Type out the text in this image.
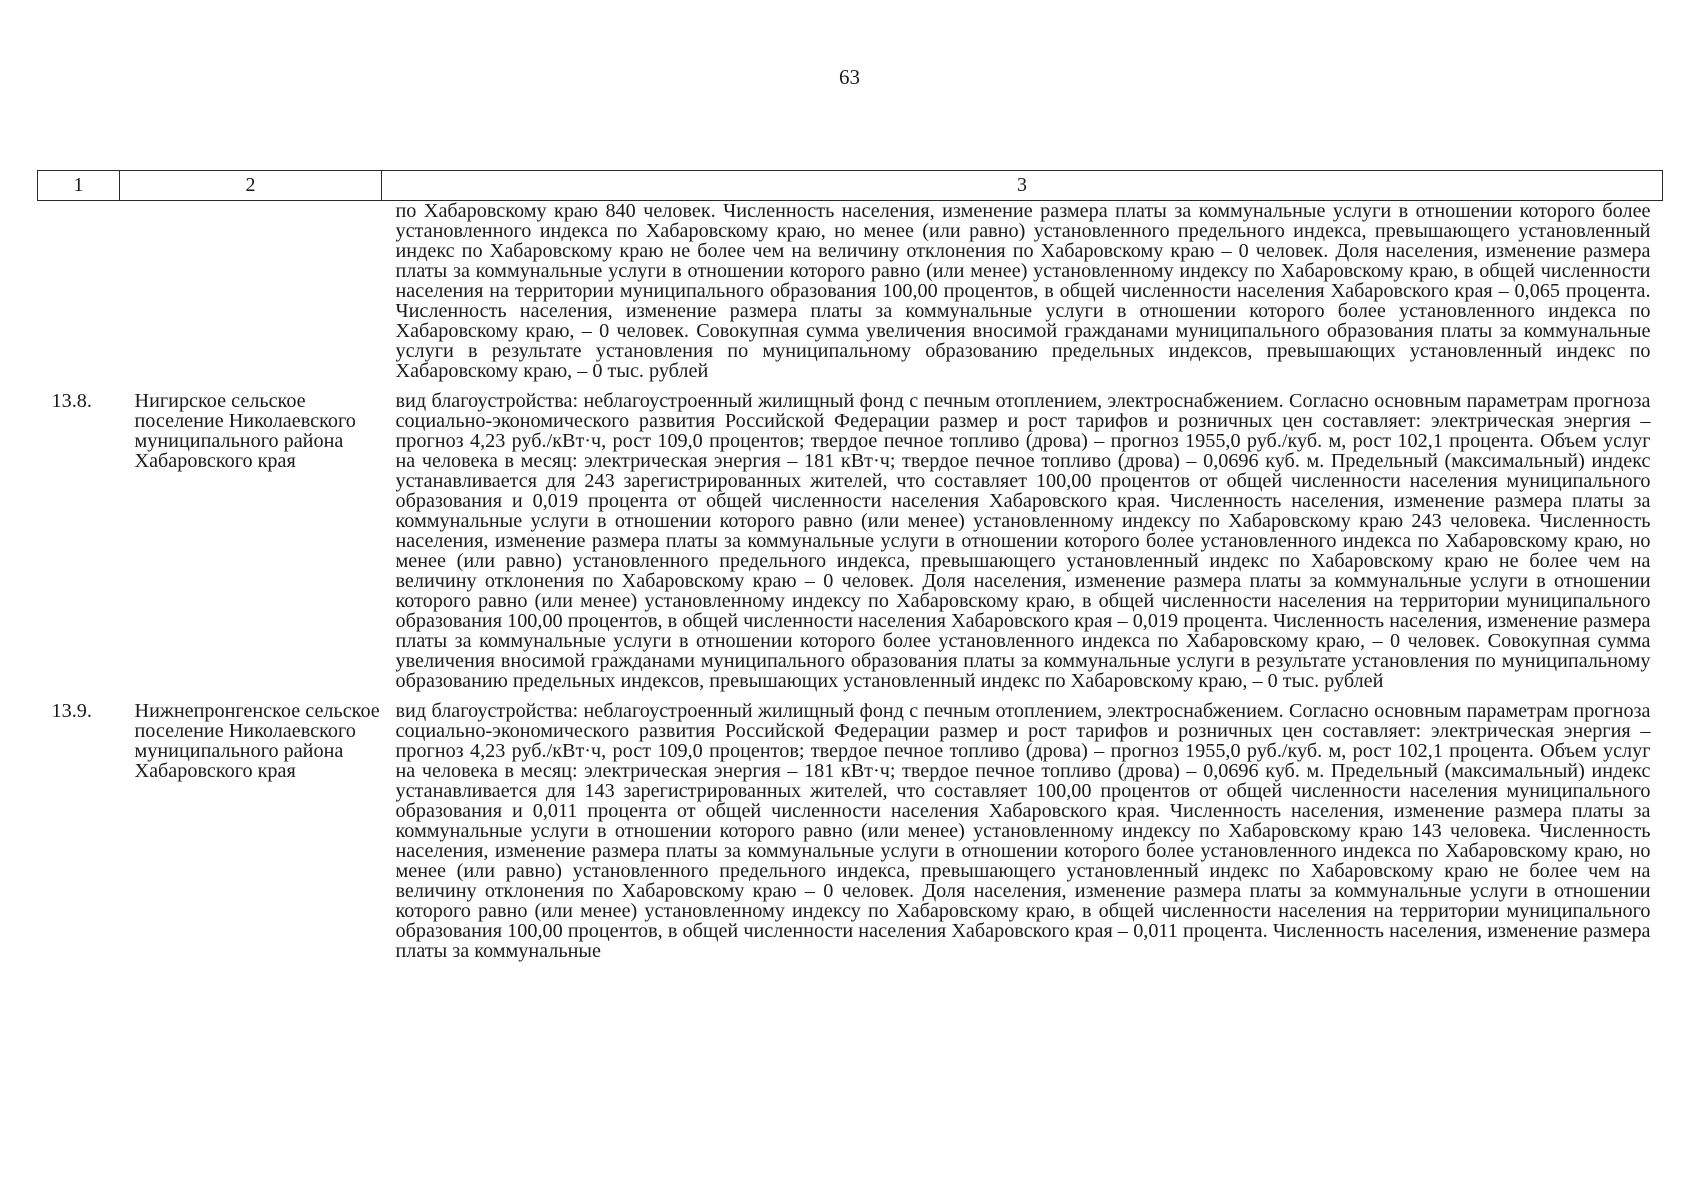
63
1	2	3
		по Хабаровскому краю 840 человек. Численность населения, изменение размера платы за коммунальные услуги в отношении которого более установленного индекса по Хабаровскому краю, но менее (или равно) установленного предельного индекса, превышающего установленный индекс по Хабаровскому краю не более чем на величину отклонения по Хабаровскому краю – 0 человек. Доля населения, изменение размера платы за коммунальные услуги в отношении которого равно (или менее) установленному индексу по Хабаровскому краю, в общей численности населения на территории муниципального образования 100,00 процентов, в общей численности населения Хабаровского края – 0,065 процента. Численность населения, изменение размера платы за коммунальные услуги в отношении которого более установленного индекса по Хабаровскому краю, – 0 человек. Совокупная сумма увеличения вносимой гражданами муниципального образования платы за коммунальные услуги в результате установления по муниципальному образованию предельных индексов, превышающих установленный индекс по Хабаровскому краю, – 0 тыс. рублей
13.8.	Нигирское сельское поселение Николаевского муниципального района Хабаровского края	вид благоустройства: неблагоустроенный жилищный фонд с печным отоплением, электроснабжением. Согласно основным параметрам прогноза социально-экономического развития Российской Федерации размер и рост тарифов и розничных цен составляет: электрическая энергия – прогноз 4,23 руб./кВт·ч, рост 109,0 процентов; твердое печное топливо (дрова) – прогноз 1955,0 руб./куб. м, рост 102,1 процента. Объем услуг на человека в месяц: электрическая энергия – 181 кВт·ч; твердое печное топливо (дрова) – 0,0696 куб. м. Предельный (максимальный) индекс устанавливается для 243 зарегистрированных жителей, что составляет 100,00 процентов от общей численности населения муниципального образования и 0,019 процента от общей численности населения Хабаровского края. Численность населения, изменение размера платы за коммунальные услуги в отношении которого равно (или менее) установленному индексу по Хабаровскому краю 243 человека. Численность населения, изменение размера платы за коммунальные услуги в отношении которого более установленного индекса по Хабаровскому краю, но менее (или равно) установленного предельного индекса, превышающего установленный индекс по Хабаровскому краю не более чем на величину отклонения по Хабаровскому краю – 0 человек. Доля населения, изменение размера платы за коммунальные услуги в отношении которого равно (или менее) установленному индексу по Хабаровскому краю, в общей численности населения на территории муниципального образования 100,00 процентов, в общей численности населения Хабаровского края – 0,019 процента. Численность населения, изменение размера платы за коммунальные услуги в отношении которого более установленного индекса по Хабаровскому краю, – 0 человек. Совокупная сумма увеличения вносимой гражданами муниципального образования платы за коммунальные услуги в результате установления по муниципальному образованию предельных индексов, превышающих установленный индекс по Хабаровскому краю, – 0 тыс. рублей
13.9.	Нижнепронгенское сельское поселение Николаевского муниципального района Хабаровского края	вид благоустройства: неблагоустроенный жилищный фонд с печным отоплением, электроснабжением. Согласно основным параметрам прогноза социально-экономического развития Российской Федерации размер и рост тарифов и розничных цен составляет: электрическая энергия – прогноз 4,23 руб./кВт·ч, рост 109,0 процентов; твердое печное топливо (дрова) – прогноз 1955,0 руб./куб. м, рост 102,1 процента. Объем услуг на человека в месяц: электрическая энергия – 181 кВт·ч; твердое печное топливо (дрова) – 0,0696 куб. м. Предельный (максимальный) индекс устанавливается для 143 зарегистрированных жителей, что составляет 100,00 процентов от общей численности населения муниципального образования и 0,011 процента от общей численности населения Хабаровского края. Численность населения, изменение размера платы за коммунальные услуги в отношении которого равно (или менее) установленному индексу по Хабаровскому краю 143 человека. Численность населения, изменение размера платы за коммунальные услуги в отношении которого более установленного индекса по Хабаровскому краю, но менее (или равно) установленного предельного индекса, превышающего установленный индекс по Хабаровскому краю не более чем на величину отклонения по Хабаровскому краю – 0 человек. Доля населения, изменение размера платы за коммунальные услуги в отношении которого равно (или менее) установленному индексу по Хабаровскому краю, в общей численности населения на территории муниципального образования 100,00 процентов, в общей численности населения Хабаровского края – 0,011 процента. Численность населения, изменение размера платы за коммунальные
